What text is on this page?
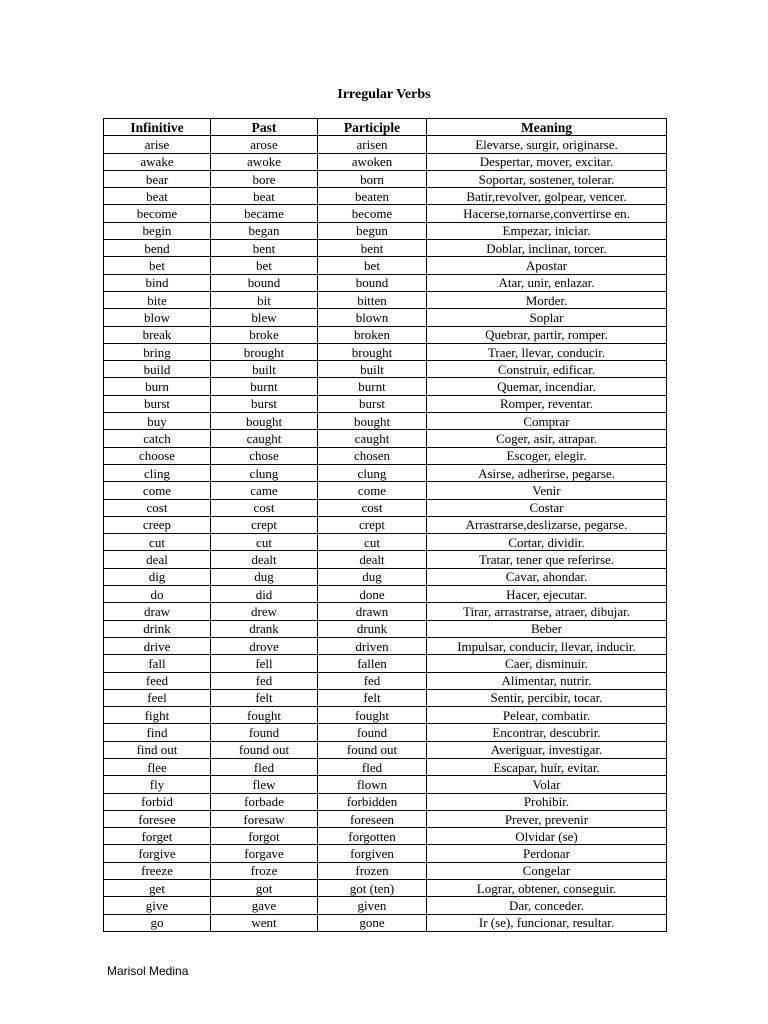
Irregular Verbs
Infinitive	Past	Participle	Meaning
arise	arose	arisen	Elevarse, surgir, originarse.
awake	awoke	awoken	Despertar, mover, excitar.
bear	bore	born	Soportar, sostener, tolerar.
beat	beat	beaten	Batir,revolver, golpear, vencer.
become	became	become	Hacerse,tornarse,convertirse en.
begin	began	begun	Empezar, iniciar.
bend	bent	bent	Doblar, inclinar, torcer.
bet	bet	bet	Apostar
bind	bound	bound	Atar, unir, enlazar.
bite	bit	bitten	Morder.
blow	blew	blown	Soplar
break	broke	broken	Quebrar, partir, romper.
bring	brought	brought	Traer, llevar, conducir.
build	built	built	Construir, edificar.
burn	burnt	burnt	Quemar, incendiar.
burst	burst	burst	Romper, reventar.
buy	bought	bought	Comprar
catch	caught	caught	Coger, asir, atrapar.
choose	chose	chosen	Escoger, elegir.
cling	clung	clung	Asirse, adherirse, pegarse.
come	came	come	Venir
cost	cost	cost	Costar
creep	crept	crept	Arrastrarse,deslizarse, pegarse.
cut	cut	cut	Cortar, dividir.
deal	dealt	dealt	Tratar, tener que referirse.
dig	dug	dug	Cavar, ahondar.
do	did	done	Hacer, ejecutar.
draw	drew	drawn	Tirar, arrastrarse, atraer, dibujar.
drink	drank	drunk	Beber
drive	drove	driven	Impulsar, conducir, llevar, inducir.
fall	fell	fallen	Caer, disminuir.
feed	fed	fed	Alimentar, nutrir.
feel	felt	felt	Sentir, percibir, tocar.
fight	fought	fought	Pelear, combatir.
find	found	found	Encontrar, descubrir.
find out	found out	found out	Averiguar, investigar.
flee	fled	fled	Escapar, huír, evitar.
fly	flew	flown	Volar
forbid	forbade	forbidden	Prohibir.
foresee	foresaw	foreseen	Prever, prevenir
forget	forgot	forgotten	Olvidar (se)
forgive	forgave	forgiven	Perdonar
freeze	froze	frozen	Congelar
get	got	got (ten)	Lograr, obtener, conseguir.
give	gave	given	Dar, conceder.
go	went	gone	Ir (se), funcionar, resultar.
Marisol Medina
